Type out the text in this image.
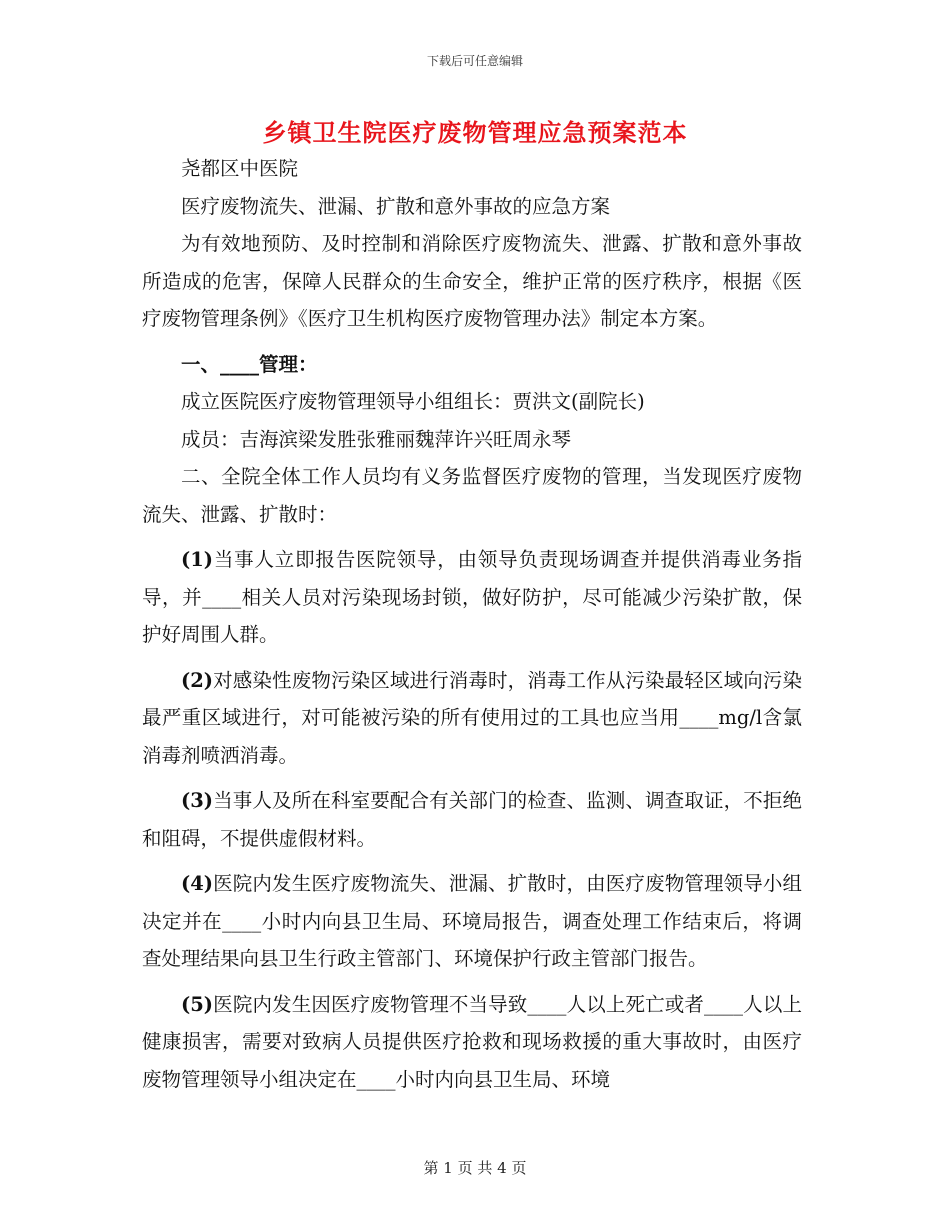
下载后可任意编辑
乡镇卫生院医疗废物管理应急预案范本

尧都区中医院

医疗废物流失、泄漏、扩散和意外事故的应急方案

为有效地预防、及时控制和消除医疗废物流失、泄露、扩散和意外事故所造成的危害，保障人民群众的生命安全，维护正常的医疗秩序，根据《医疗废物管理条例》《医疗卫生机构医疗废物管理办法》制定本方案。

一、____管理：

成立医院医疗废物管理领导小组组长：贾洪文(副院长)

成员：吉海滨梁发胜张雅丽魏萍许兴旺周永琴

二、全院全体工作人员均有义务监督医疗废物的管理，当发现医疗废物流失、泄露、扩散时：

(1)当事人立即报告医院领导，由领导负责现场调查并提供消毒业务指导，并____相关人员对污染现场封锁，做好防护，尽可能减少污染扩散，保护好周围人群。

(2)对感染性废物污染区域进行消毒时，消毒工作从污染最轻区域向污染最严重区域进行，对可能被污染的所有使用过的工具也应当用____mg/l含氯消毒剂喷洒消毒。

(3)当事人及所在科室要配合有关部门的检查、监测、调查取证，不拒绝和阻碍，不提供虚假材料。

(4)医院内发生医疗废物流失、泄漏、扩散时，由医疗废物管理领导小组决定并在____小时内向县卫生局、环境局报告，调查处理工作结束后，将调查处理结果向县卫生行政主管部门、环境保护行政主管部门报告。

(5)医院内发生因医疗废物管理不当导致____人以上死亡或者____人以上健康损害，需要对致病人员提供医疗抢救和现场救援的重大事故时，由医疗废物管理领导小组决定在____小时内向县卫生局、环境

第 1 页 共 4 页
